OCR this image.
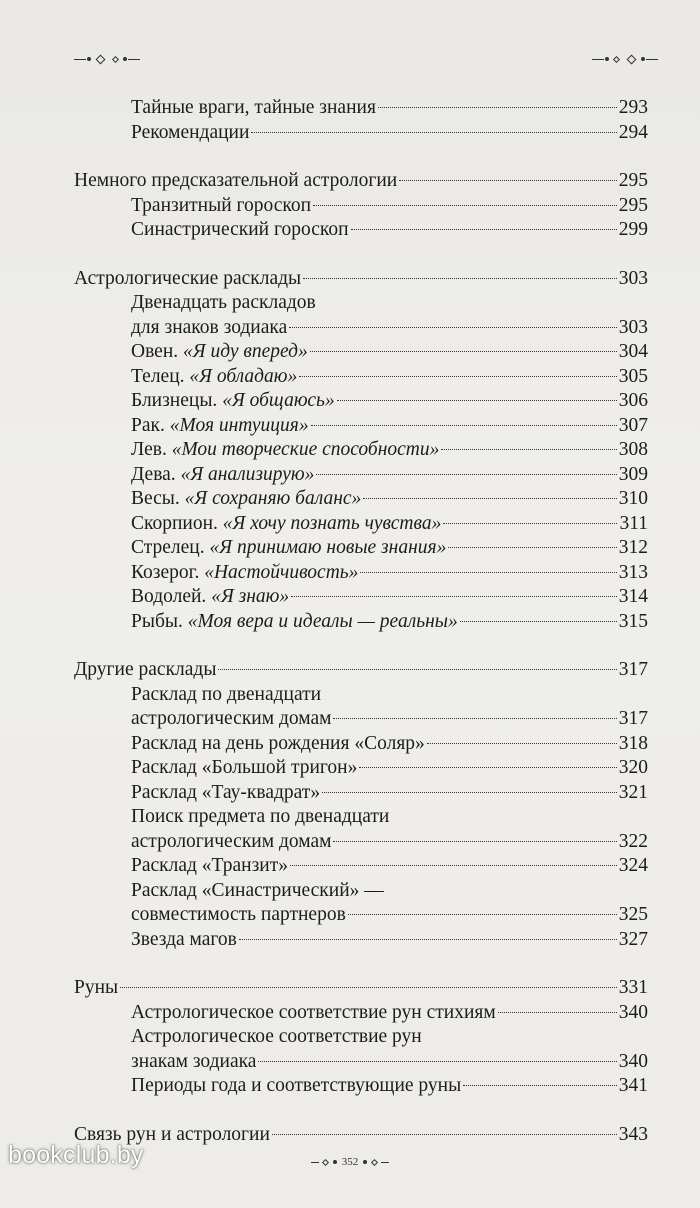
Тайные враги, тайные знания	293
Рекомендации	294
Немного предсказательной астрологии	295
Транзитный гороскоп	295
Синастрический гороскоп	299
Астрологические расклады	303
Двенадцать раскладов
для знаков зодиака	303
Овен. «Я иду вперед»	304
Телец. «Я обладаю»	305
Близнецы. «Я общаюсь»	306
Рак. «Моя интуиция»	307
Лев. «Мои творческие способности»	308
Дева. «Я анализирую»	309
Весы. «Я сохраняю баланс»	310
Скорпион. «Я хочу познать чувства»	311
Стрелец. «Я принимаю новые знания»	312
Козерог. «Настойчивость»	313
Водолей. «Я знаю»	314
Рыбы. «Моя вера и идеалы — реальны»	315
Другие расклады	317
Расклад по двенадцати
астрологическим домам	317
Расклад на день рождения «Соляр»	318
Расклад «Большой тригон»	320
Расклад «Тау-квадрат»	321
Поиск предмета по двенадцати
астрологическим домам	322
Расклад «Транзит»	324
Расклад «Синастрический» —
совместимость партнеров	325
Звезда магов	327
Руны	331
Астрологическое соответствие рун стихиям	340
Астрологическое соответствие рун
знакам зодиака	340
Периоды года и соответствующие руны	341
Связь рун и астрологии	343
352
bookclub.by
